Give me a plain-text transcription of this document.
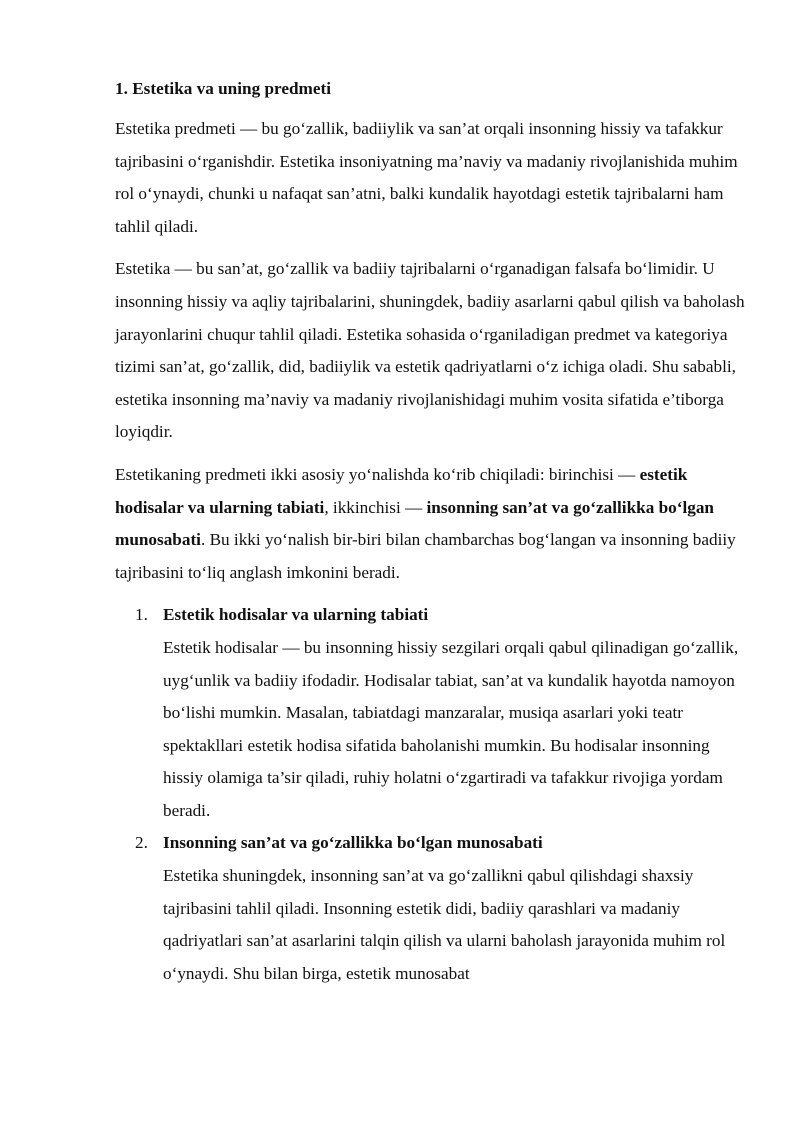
1. Estetika va uning predmeti

Estetika predmeti — bu goʻzallik, badiiylik va san’at orqali insonning hissiy va tafakkur tajribasini oʻrganishdir. Estetika insoniyatning ma’naviy va madaniy rivojlanishida muhim rol oʻynaydi, chunki u nafaqat san’atni, balki kundalik hayotdagi estetik tajribalarni ham tahlil qiladi.

Estetika — bu san’at, goʻzallik va badiiy tajribalarni oʻrganadigan falsafa boʻlimidir. U insonning hissiy va aqliy tajribalarini, shuningdek, badiiy asarlarni qabul qilish va baholash jarayonlarini chuqur tahlil qiladi. Estetika sohasida oʻrganiladigan predmet va kategoriya tizimi san’at, goʻzallik, did, badiiylik va estetik qadriyatlarni oʻz ichiga oladi. Shu sababli, estetika insonning ma’naviy va madaniy rivojlanishidagi muhim vosita sifatida e’tiborga loyiqdir.

Estetikaning predmeti ikki asosiy yoʻnalishda koʻrib chiqiladi: birinchisi — estetik hodisalar va ularning tabiati, ikkinchisi — insonning san’at va goʻzallikka boʻlgan munosabati. Bu ikki yoʻnalish bir-biri bilan chambarchas bogʻlangan va insonning badiiy tajribasini toʻliq anglash imkonini beradi.

1. Estetik hodisalar va ularning tabiati
Estetik hodisalar — bu insonning hissiy sezgilari orqali qabul qilinadigan goʻzallik, uygʻunlik va badiiy ifodadir. Hodisalar tabiat, san’at va kundalik hayotda namoyon boʻlishi mumkin. Masalan, tabiatdagi manzaralar, musiqa asarlari yoki teatr spektakllari estetik hodisa sifatida baholanishi mumkin. Bu hodisalar insonning hissiy olamiga ta’sir qiladi, ruhiy holatni oʻzgartiradi va tafakkur rivojiga yordam beradi.
2. Insonning san’at va goʻzallikka boʻlgan munosabati
Estetika shuningdek, insonning san’at va goʻzallikni qabul qilishdagi shaxsiy tajribasini tahlil qiladi. Insonning estetik didi, badiiy qarashlari va madaniy qadriyatlari san’at asarlarini talqin qilish va ularni baholash jarayonida muhim rol oʻynaydi. Shu bilan birga, estetik munosabat
